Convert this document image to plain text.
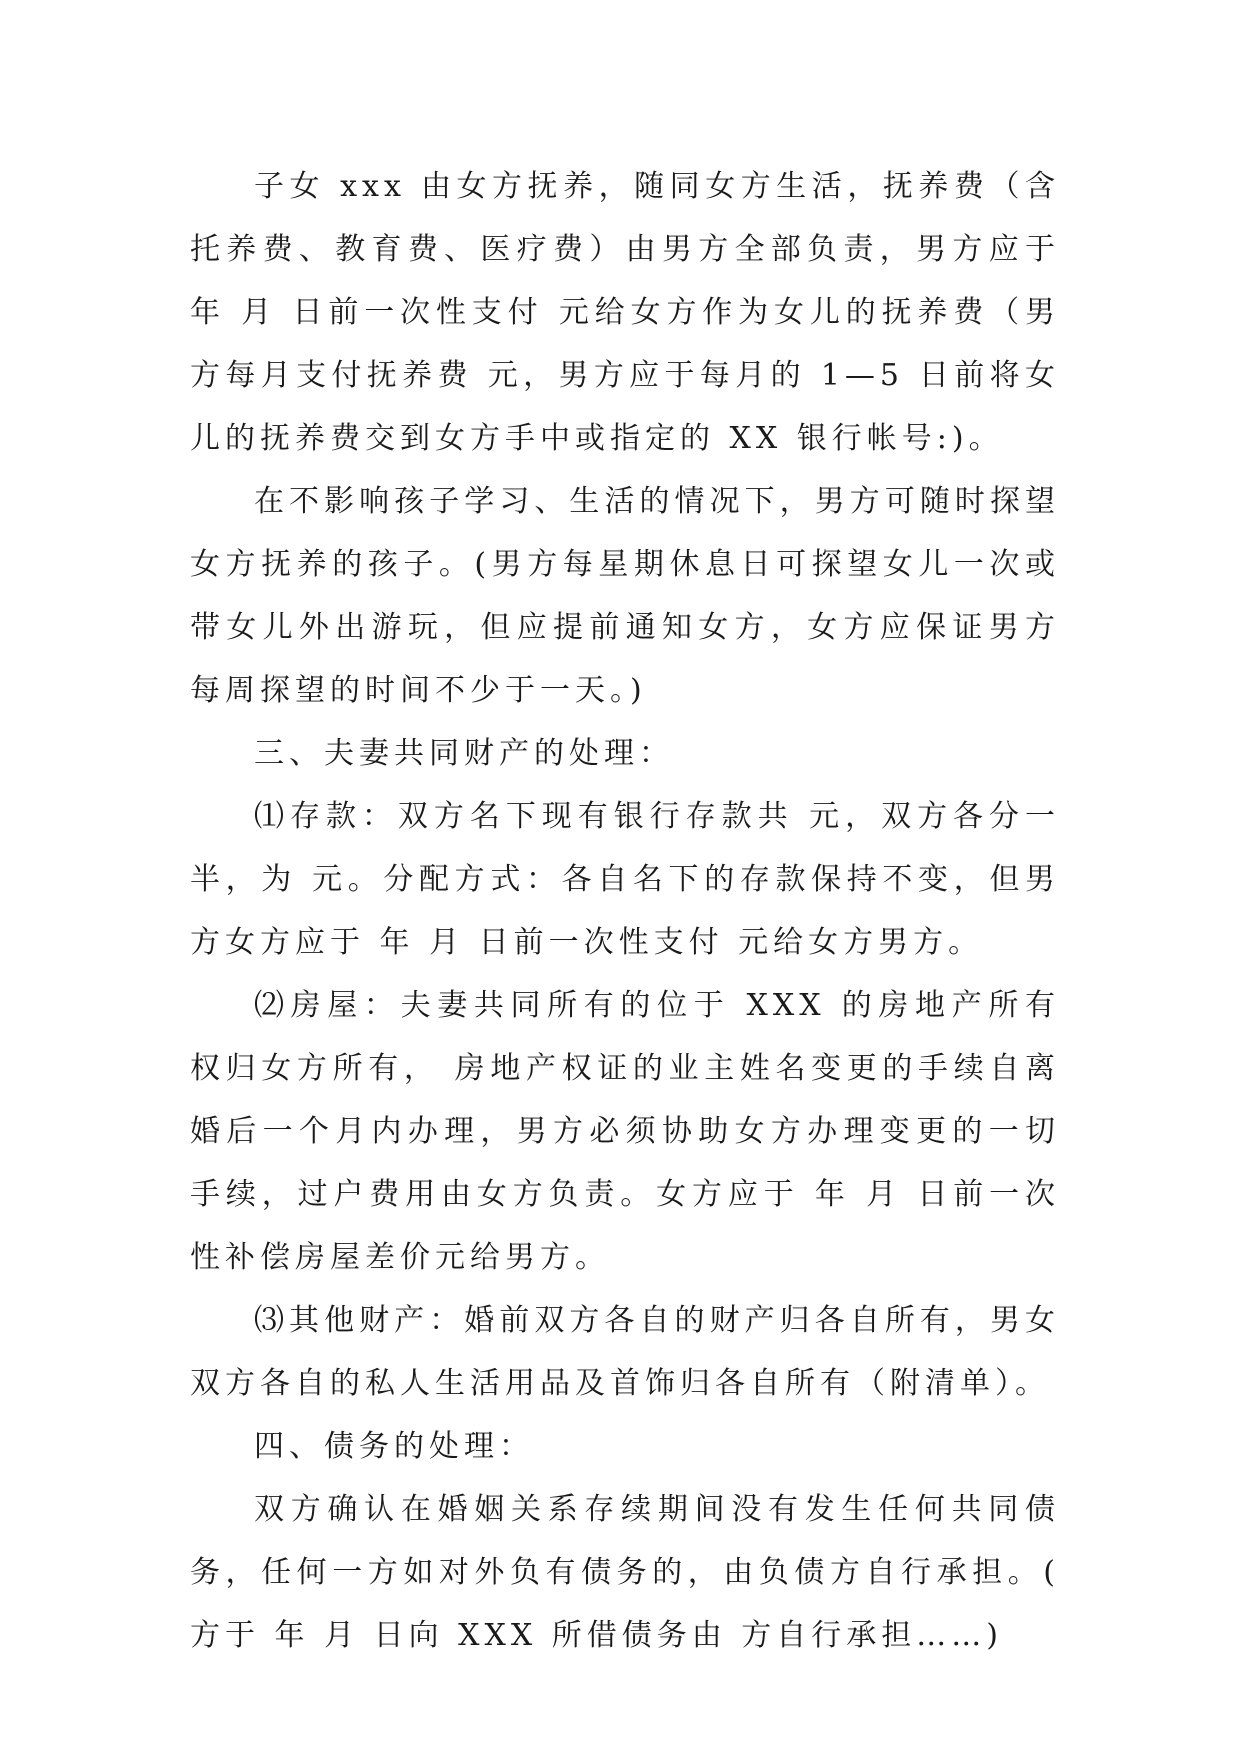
子女 xxx 由女方抚养，随同女方生活，抚养费（含托养费、教育费、医疗费）由男方全部负责，男方应于 年 月 日前一次性支付 元给女方作为女儿的抚养费（男方每月支付抚养费 元，男方应于每月的 1—5 日前将女儿的抚养费交到女方手中或指定的 XX 银行帐号:)。

在不影响孩子学习、生活的情况下，男方可随时探望女方抚养的孩子。(男方每星期休息日可探望女儿一次或带女儿外出游玩，但应提前通知女方，女方应保证男方每周探望的时间不少于一天。)

三、夫妻共同财产的处理：

⑴存款：双方名下现有银行存款共 元，双方各分一半，为 元。分配方式：各自名下的存款保持不变，但男方女方应于 年 月 日前一次性支付 元给女方男方。

⑵房屋：夫妻共同所有的位于 XXX 的房地产所有权归女方所有， 房地产权证的业主姓名变更的手续自离婚后一个月内办理，男方必须协助女方办理变更的一切手续，过户费用由女方负责。女方应于 年 月 日前一次性补偿房屋差价元给男方。

⑶其他财产：婚前双方各自的财产归各自所有，男女双方各自的私人生活用品及首饰归各自所有（附清单）。

四、债务的处理：

双方确认在婚姻关系存续期间没有发生任何共同债务，任何一方如对外负有债务的，由负债方自行承担。( 方于 年 月 日向 XXX 所借债务由 方自行承担……)
